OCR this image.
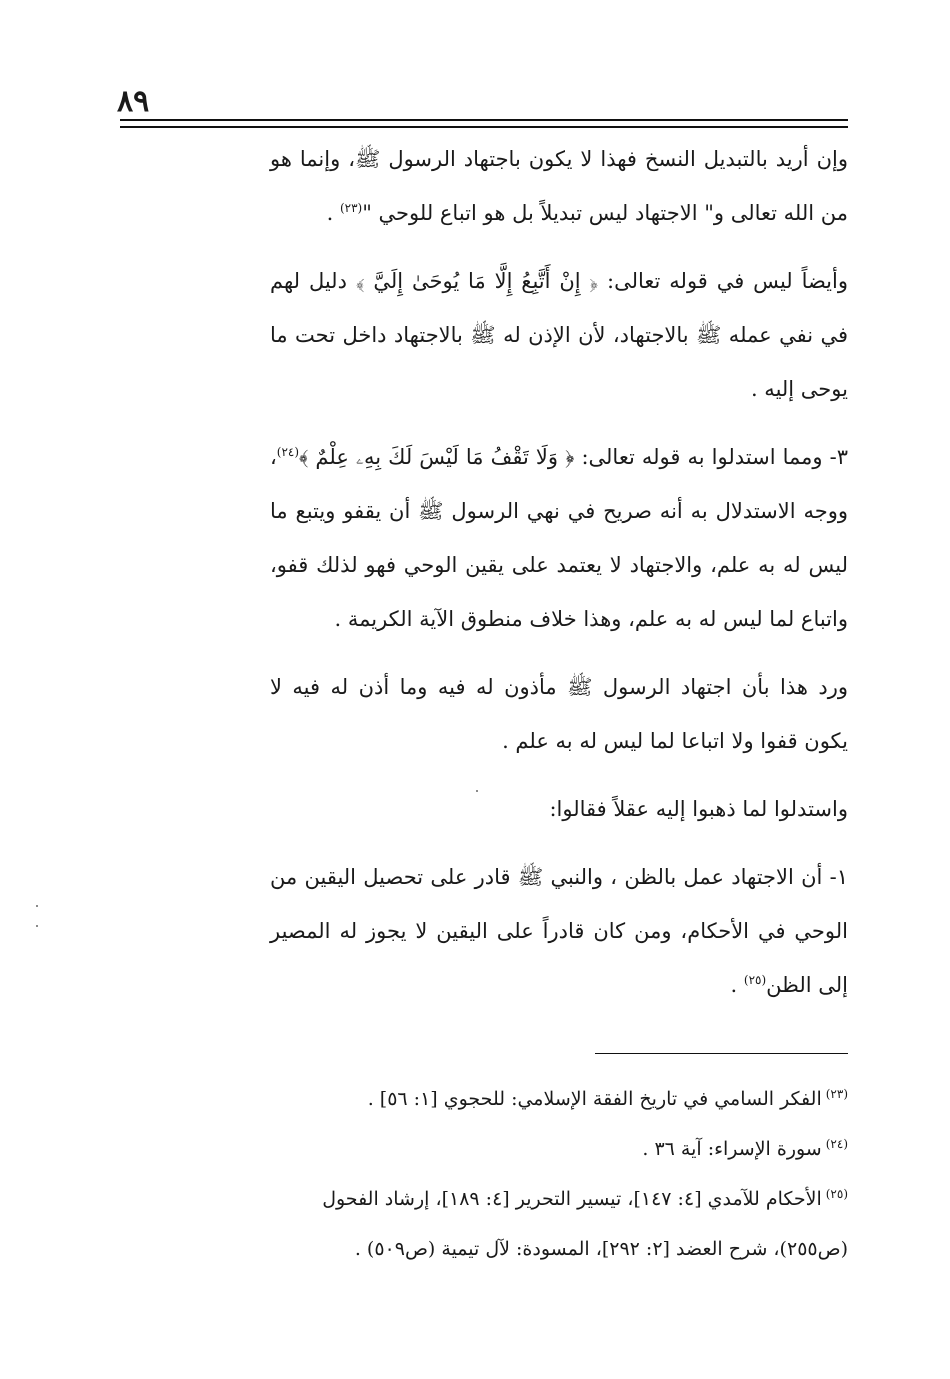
٨٩

وإن أريد بالتبديل النسخ فهذا لا يكون باجتهاد الرسول ﷺ، وإنما هو من الله تعالى و" الاجتهاد ليس تبديلاً بل هو اتباع للوحي "$^{(٢٣)}$ .

وأيضاً ليس في قوله تعالى: ﴿ إِنْ أَتَّبِعُ إِلَّا مَا يُوحَىٰ إِلَيَّ ﴾ دليل لهم في نفي عمله ﷺ بالاجتهاد، لأن الإذن له ﷺ بالاجتهاد داخل تحت ما يوحى إليه .

٣- ومما استدلوا به قوله تعالى: ﴿ وَلَا تَقْفُ مَا لَيْسَ لَكَ بِهِۦ عِلْمٌ ﴾$^{(٢٤)}$، ووجه الاستدلال به أنه صريح في نهي الرسول ﷺ أن يقفو ويتبع ما ليس له به علم، والاجتهاد لا يعتمد على يقين الوحي فهو لذلك قفو، واتباع لما ليس له به علم، وهذا خلاف منطوق الآية الكريمة .

ورد هذا بأن اجتهاد الرسول ﷺ مأذون له فيه وما أذن له فيه لا يكون قفوا ولا اتباعا لما ليس له به علم .

واستدلوا لما ذهبوا إليه عقلاً فقالوا:

١- أن الاجتهاد عمل بالظن ، والنبي ﷺ قادر على تحصيل اليقين من الوحي في الأحكام، ومن كان قادراً على اليقين لا يجوز له المصير إلى الظن$^{(٢٥)}$ .

$^{(٢٣)}$الفكر السامي في تاريخ الفقة الإسلامي: للحجوي [١: ٥٦] .

$^{(٢٤)}$سورة الإسراء: آية ٣٦ .

$^{(٢٥)}$الأحكام للآمدي [٤: ١٤٧]، تيسير التحرير [٤: ١٨٩]، إرشاد الفحول (ص٢٥٥)، شرح العضد [٢: ٢٩٢]، المسودة: لآل تيمية (ص٥٠٩) .
